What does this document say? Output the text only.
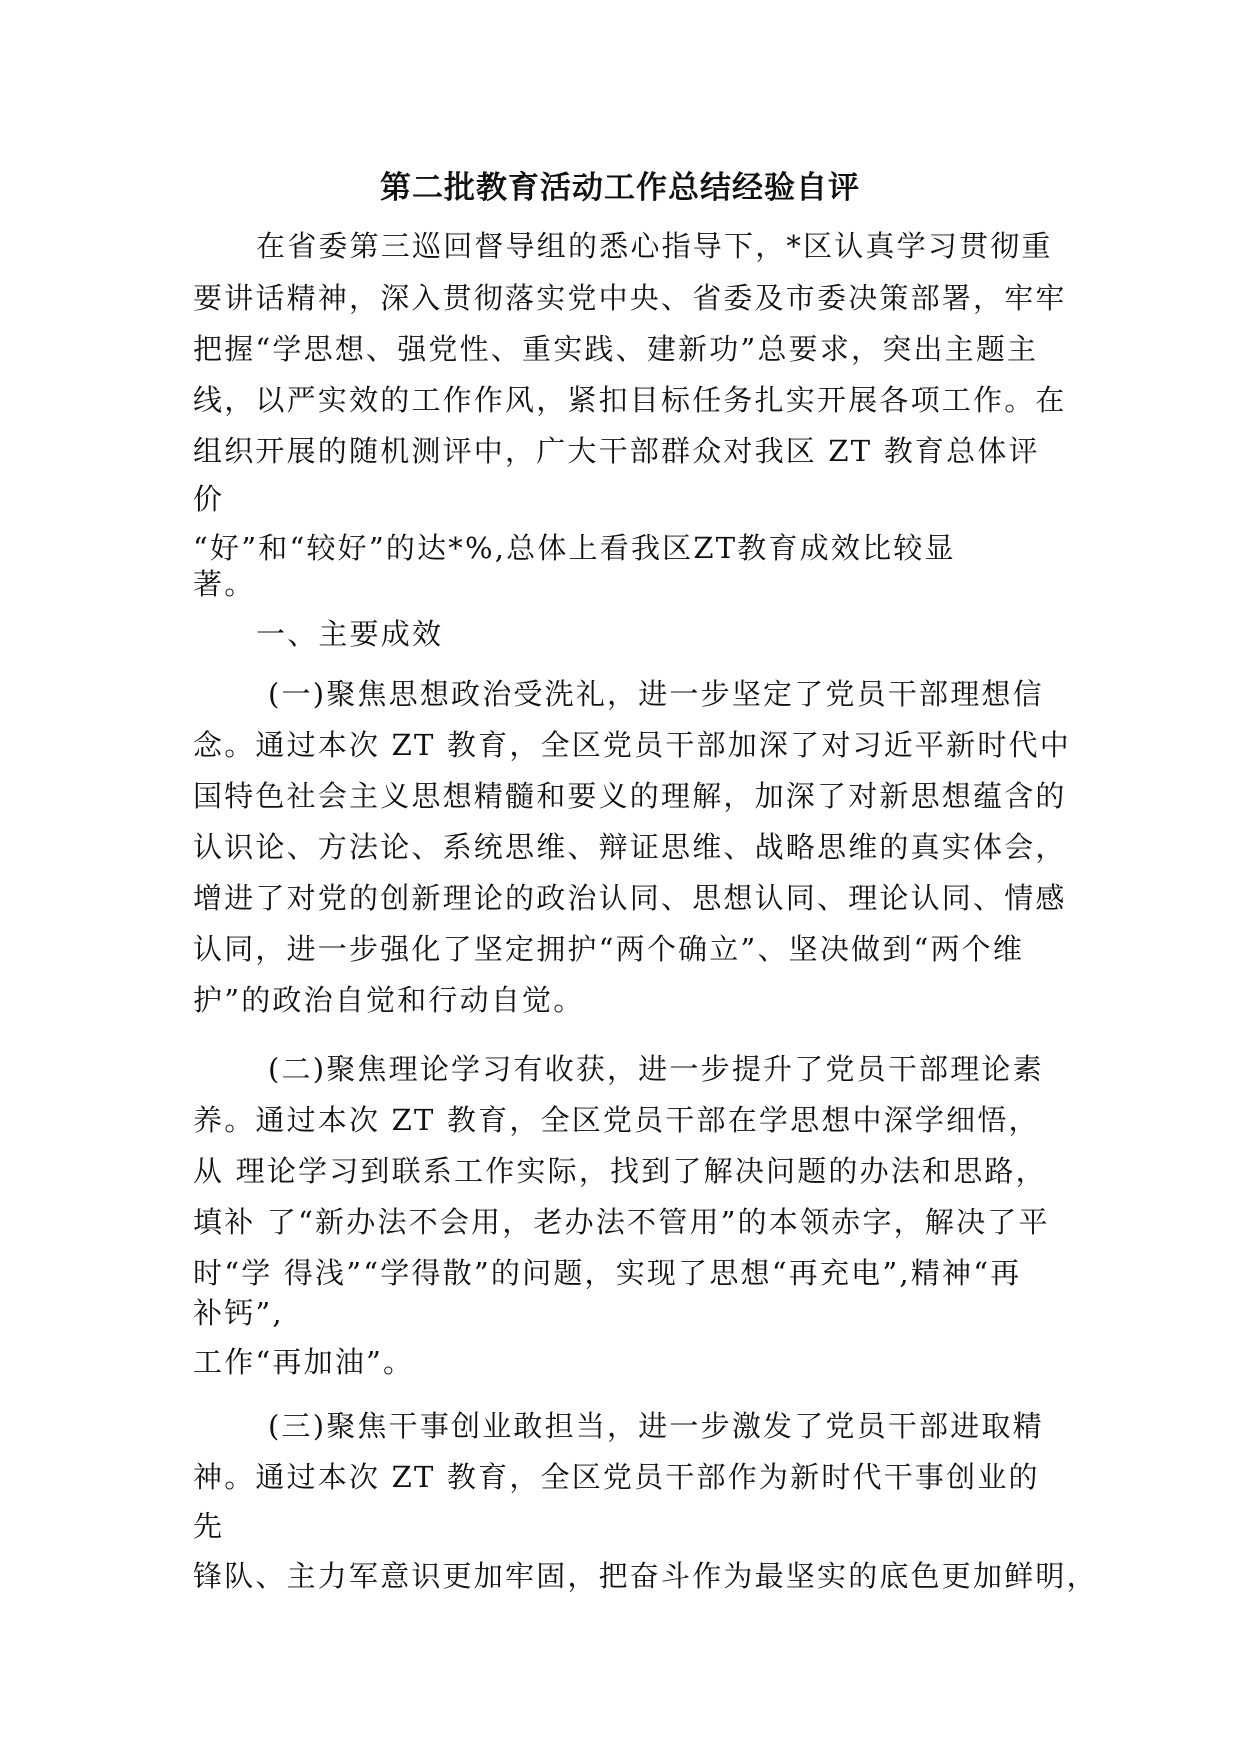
第二批教育活动工作总结经验自评
在省委第三巡回督导组的悉心指导下，*区认真学习贯彻重
要讲话精神，深入贯彻落实党中央、省委及市委决策部署，牢牢
把握“学思想、强党性、重实践、建新功”总要求，突出主题主
线，以严实效的工作作风，紧扣目标任务扎实开展各项工作。在
组织开展的随机测评中，广大干部群众对我区 ZT 教育总体评
价
“好”和“较好”的达*%,总体上看我区ZT教育成效比较显
著。
一、主要成效
(一)聚焦思想政治受洗礼，进一步坚定了党员干部理想信
念。通过本次 ZT 教育，全区党员干部加深了对习近平新时代中
国特色社会主义思想精髓和要义的理解，加深了对新思想蕴含的
认识论、方法论、系统思维、辩证思维、战略思维的真实体会，
增进了对党的创新理论的政治认同、思想认同、理论认同、情感
认同，进一步强化了坚定拥护“两个确立”、坚决做到“两个维
护”的政治自觉和行动自觉。
(二)聚焦理论学习有收获，进一步提升了党员干部理论素
养。通过本次 ZT 教育，全区党员干部在学思想中深学细悟，
从 理论学习到联系工作实际，找到了解决问题的办法和思路，
填补 了“新办法不会用，老办法不管用”的本领赤字，解决了平
时“学 得浅”“学得散”的问题，实现了思想“再充电”,精神“再
补钙”,
工作“再加油”。
(三)聚焦干事创业敢担当，进一步激发了党员干部进取精
神。通过本次 ZT 教育，全区党员干部作为新时代干事创业的
先
锋队、主力军意识更加牢固，把奋斗作为最坚实的底色更加鲜明，
